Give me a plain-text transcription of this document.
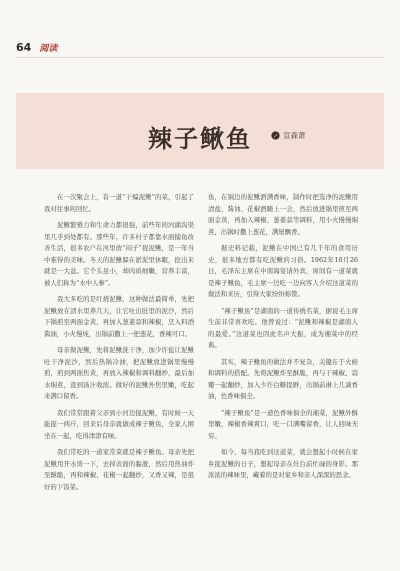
64 阅读
辣子鳅鱼	宣森萧

在一次聚会上，有一道“干煸泥鳅”的菜，引起了我对往事的回忆。

泥鳅繁殖力和生命力都很强，前些年的河湖沟渠里几乎到处都有。那些年，许多村子都靠水面捕鱼改善生活，很多农户在河里放“闷子”捉泥鳅，是一年当中难得的美味。冬天的泥鳅躲在淤泥里休眠，挖出来就是一大盆。它个头虽小，却肉质细嫩，营养丰富，被人们称为“水中人参”。

我大多吃的是红烧泥鳅，这种做法最简单，先把泥鳅放在清水里养几天，让它吐出肚里的泥沙，然后下锅煎至两面金黄，再加入葱姜蒜和辣椒，烹入料酒酱油，小火慢炖，出锅前撒上一把葱花，香辣可口。

母亲做泥鳅，先将泥鳅洗干净，加少许盐让泥鳅吐干净泥沙，然后热锅冷油，把泥鳅放进锅里慢慢煎，煎到两面焦黄，再放入辣椒和调料翻炒，最后加水焖煮，直到汤汁收浓。做好的泥鳅外焦里嫩，吃起来满口留香。

我们常常跟着父亲到小河边捉泥鳅，有时候一天能捉一两斤，回来后母亲就做成辣子鳅鱼，全家人围坐在一起，吃得津津有味。

我们常吃的一道家常菜就是辣子鳅鱼。母亲先把泥鳅用开水烫一下，去掉表面的黏液，然后用热油炸至酥脆，再和辣椒、花椒一起翻炒，又香又辣，是很好的下饭菜。

鱼，在锅边的泥鳅洒满香味，制作时把选净的泥鳅用清盐、酱油、花椒酒腌上一会，然后放进锅里煎至两面金黄，再加入辣椒、葱姜蒜等调料，用小火慢慢焖煮，出锅时撒上葱花，满屋飘香。

据史料记载，泥鳅在中国已有几千年的食用历史，很多地方都有吃泥鳅的习俗。1962年10月26日，毛泽东主席在中南海宴请外宾，席间有一道菜就是辣子鳅鱼，毛主席一边吃一边向客人介绍这道菜的做法和来历，引得大家纷纷称赞。

“辣子鳅鱼”是湖南的一道传统名菜，据说毛主席生前非常喜欢吃。他曾说过：“泥鳅和辣椒是湖南人的最爱。”这道菜也因此名声大振，成为湘菜中的经典。

其实，辣子鳅鱼的做法并不复杂，关键在于火候和调料的搭配。先将泥鳅炸至酥脆，再与干辣椒、蒜瓣一起翻炒，加入少许白糖提鲜，出锅前淋上几滴香油，色香味俱全。

“辣子鳅鱼”是一道色香味俱全的湘菜，泥鳅外酥里嫩，辣椒香辣爽口，吃一口满嘴留香，让人回味无穷。

如今，每当我吃到这道菜，就会想起小时候在家乡捉泥鳅的日子，想起母亲在灶台前忙碌的身影。那浓浓的辣味里，藏着的是对家乡和亲人深深的思念。
